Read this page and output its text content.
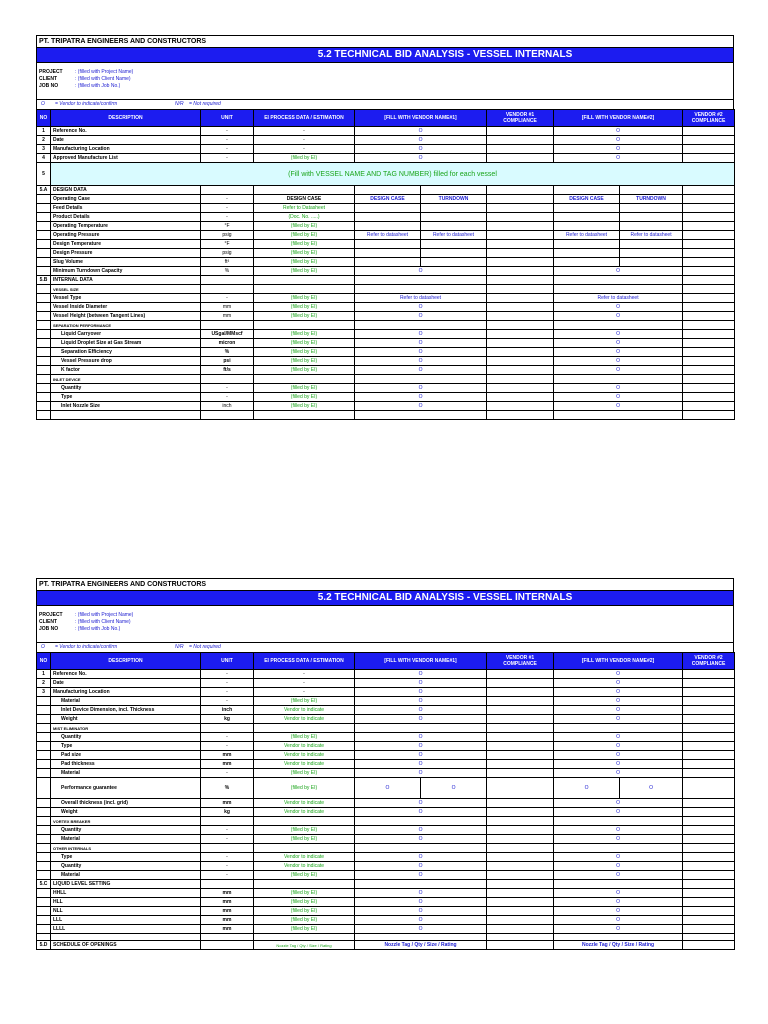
PT. TRIPATRA ENGINEERS AND CONSTRUCTORS
5.2 TECHNICAL BID ANALYSIS - VESSEL INTERNALS
PROJECT : (filled with Project Name)
CLIENT	: (filled with Client Name)
JOB NO	: (filled with Job No.)
O = Vendor to indicate/confirm	N/R = Not required
NO	DESCRIPTION	UNIT	EI PROCESS DATA / ESTIMATION	[FILL WITH VENDOR NAME#1]		VENDOR #1 COMPLIANCE	[FILL WITH VENDOR NAME#2]		VENDOR #2 COMPLIANCE
1	Reference No.	-	-	O			O		
2	Date	-	-	O			O		
3	Manufacturing Location	-	-	O			O		
4	Approved Manufacture List	-	(filled by EI)	O			O		
5	(Fill with VESSEL NAME AND TAG NUMBER) filled for each vessel								
5.A	DESIGN DATA								
	Operating Case	-	DESIGN CASE	DESIGN CASE	TURNDOWN		DESIGN CASE	TURNDOWN	
	Feed Details	-	Refer to Datasheet						
	Product Details	-	(Doc. No. .....)						
	Operating Temperature	°F	(filled by EI)						
	Operating Pressure	psig	(filled by EI)	Refer to datasheet	Refer to datasheet		Refer to datasheet	Refer to datasheet	
	Design Temperature	°F	(filled by EI)						
	Design Pressure	psig	(filled by EI)						
	Slug Volume	ft³	(filled by EI)						
	Minimum Turndown Capacity	%	(filled by EI)	O			O		
5.B	INTERNAL DATA								
	VESSEL SIZE								
	Vessel Type	-	(filled by EI)	Refer to datasheet			Refer to datasheet		
	Vessel Inside Diameter	mm	(filled by EI)	O			O		
	Vessel Height (between Tangent Lines)	mm	(filled by EI)	O			O		
	SEPARATION PERFORMANCE								
	Liquid Carryover	USgal/MMscf	(filled by EI)	O			O		
	Liquid Droplet Size at Gas Stream	micron	(filled by EI)	O			O		
	Separation Efficiency	%	(filled by EI)	O			O		
	Vessel Pressure drop	psi	(filled by EI)	O			O		
	K factor	ft/s	(filled by EI)	O			O		
	INLET DEVICE								
	Quantity	-	(filled by EI)	O			O		
	Type	-	(filled by EI)	O			O		
	Inlet Nozzle Size	inch	(filled by EI)	O			O		

PT. TRIPATRA ENGINEERS AND CONSTRUCTORS
5.2 TECHNICAL BID ANALYSIS - VESSEL INTERNALS
PROJECT : (filled with Project Name)
CLIENT	: (filled with Client Name)
JOB NO	: (filled with Job No.)
O = Vendor to indicate/confirm	N/R = Not required
NO	DESCRIPTION	UNIT	EI PROCESS DATA / ESTIMATION	[FILL WITH VENDOR NAME#1]		VENDOR #1 COMPLIANCE	[FILL WITH VENDOR NAME#2]		VENDOR #2 COMPLIANCE
1	Reference No.	-	-	O			O		
2	Date	-	-	O			O		
3	Manufacturing Location	-	-	O			O		
	Material	-	(filled by EI)	O			O		
	Inlet Device Dimension, incl. Thickness	inch	Vendor to indicate	O			O		
	Weight	kg	Vendor to indicate	O			O		
	MIST ELIMINATOR								
	Quantity	-	(filled by EI)	O			O		
	Type	-	Vendor to indicate	O			O		
	Pad size	mm	Vendor to indicate	O			O		
	Pad thickness	mm	Vendor to indicate	O			O		
	Material	-	(filled by EI)	O			O		
	Performance guarantee	%	(filled by EI)	O	O		O	O	
	Overall thickness (incl. grid)	mm	Vendor to indicate	O			O		
	Weight	kg	Vendor to indicate	O			O		
	VORTEX BREAKER								
	Quantity	-	(filled by EI)	O			O		
	Material	-	(filled by EI)	O			O		
	OTHER INTERNALS								
	Type	-	Vendor to indicate	O			O		
	Quantity	-	Vendor to indicate	O			O		
	Material	-	(filled by EI)	O			O		
5.C	LIQUID LEVEL SETTING								
	HHLL	mm	(filled by EI)	O			O		
	HLL	mm	(filled by EI)	O			O		
	NLL	mm	(filled by EI)	O			O		
	LLL	mm	(filled by EI)	O			O		
	LLLL	mm	(filled by EI)	O			O		

5.D	SCHEDULE OF OPENINGS		Nozzle Tag / Qty / Size / Rating	Nozzle Tag / Qty / Size / Rating			Nozzle Tag / Qty / Size / Rating		
